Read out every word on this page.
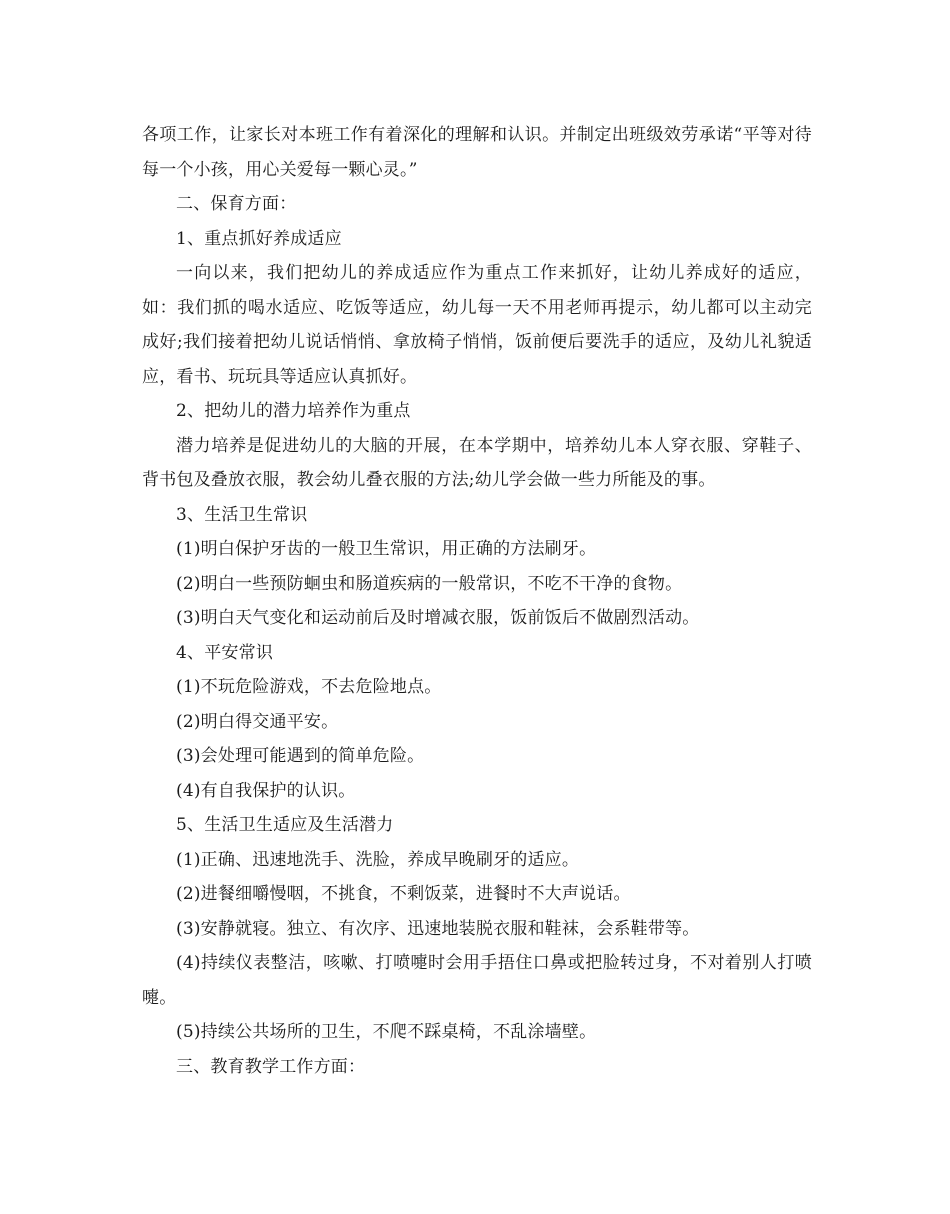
各项工作，让家长对本班工作有着深化的理解和认识。并制定出班级效劳承诺“平等对待每一个小孩，用心关爱每一颗心灵。”

二、保育方面：

1、重点抓好养成适应

一向以来，我们把幼儿的养成适应作为重点工作来抓好，让幼儿养成好的适应，如：我们抓的喝水适应、吃饭等适应，幼儿每一天不用老师再提示，幼儿都可以主动完成好;我们接着把幼儿说话悄悄、拿放椅子悄悄，饭前便后要洗手的适应，及幼儿礼貌适应，看书、玩玩具等适应认真抓好。

2、把幼儿的潜力培养作为重点

潜力培养是促进幼儿的大脑的开展，在本学期中，培养幼儿本人穿衣服、穿鞋子、背书包及叠放衣服，教会幼儿叠衣服的方法;幼儿学会做一些力所能及的事。

3、生活卫生常识

(1)明白保护牙齿的一般卫生常识，用正确的方法刷牙。

(2)明白一些预防蛔虫和肠道疾病的一般常识，不吃不干净的食物。

(3)明白天气变化和运动前后及时增减衣服，饭前饭后不做剧烈活动。

4、平安常识

(1)不玩危险游戏，不去危险地点。

(2)明白得交通平安。

(3)会处理可能遇到的简单危险。

(4)有自我保护的认识。

5、生活卫生适应及生活潜力

(1)正确、迅速地洗手、洗脸，养成早晚刷牙的适应。

(2)进餐细嚼慢咽，不挑食，不剩饭菜，进餐时不大声说话。

(3)安静就寝。独立、有次序、迅速地装脱衣服和鞋袜，会系鞋带等。

(4)持续仪表整洁，咳嗽、打喷嚏时会用手捂住口鼻或把脸转过身，不对着别人打喷嚏。

(5)持续公共场所的卫生，不爬不踩桌椅，不乱涂墙壁。

三、教育教学工作方面：
